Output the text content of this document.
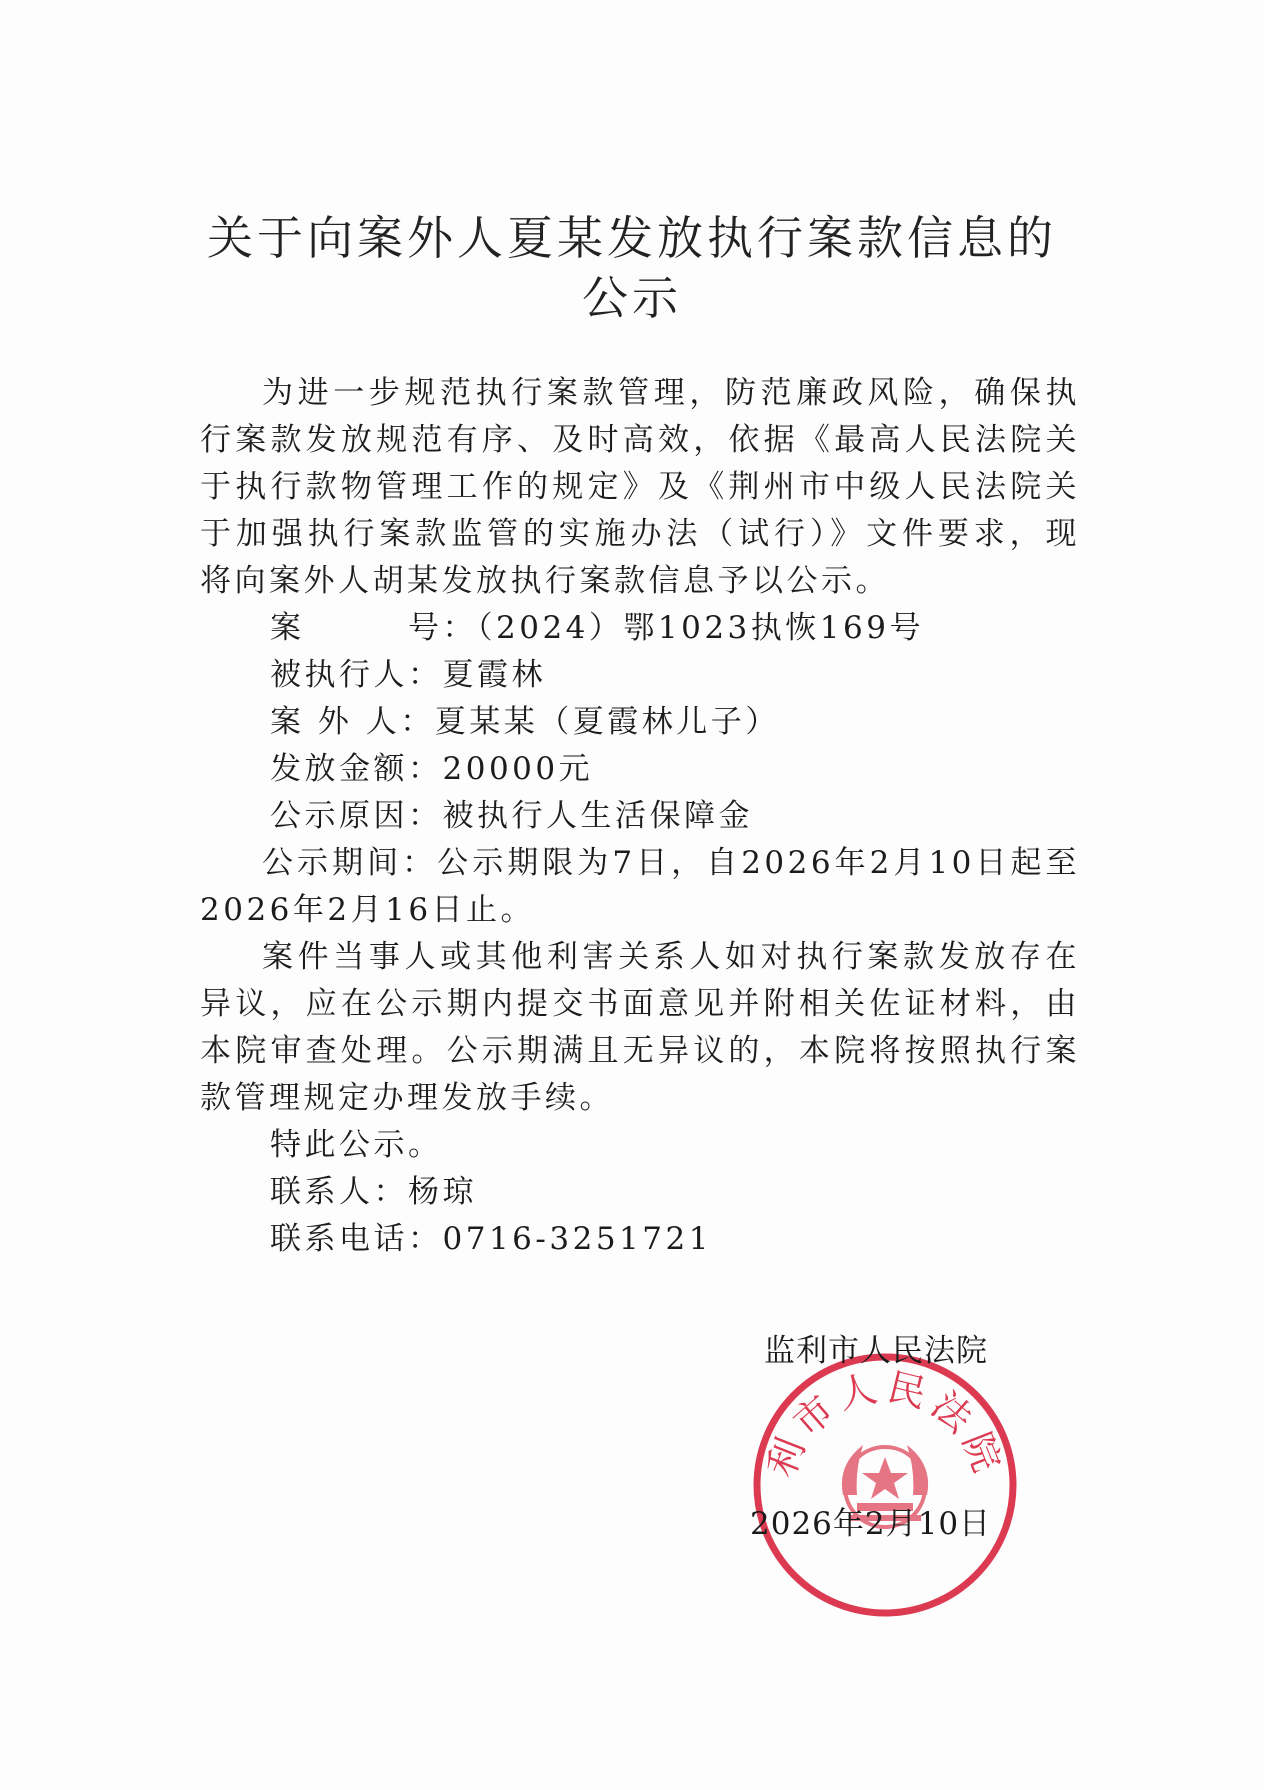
关于向案外人夏某发放执行案款信息的
公示

为进一步规范执行案款管理，防范廉政风险，确保执行案款发放规范有序、及时高效，依据《最高人民法院关于执行款物管理工作的规定》及《荆州市中级人民法院关于加强执行案款监管的实施办法（试行）》文件要求，现将向案外人胡某发放执行案款信息予以公示。

案　　　号：（2024）鄂1023执恢169号

被执行人：夏霞林

案 外 人：夏某某（夏霞林儿子）

发放金额：20000元

公示原因：被执行人生活保障金

公示期间：公示期限为7日，自2026年2月10日起至2026年2月16日止。

案件当事人或其他利害关系人如对执行案款发放存在异议，应在公示期内提交书面意见并附相关佐证材料，由本院审查处理。公示期满且无异议的，本院将按照执行案款管理规定办理发放手续。

特此公示。

联系人：杨琼

联系电话：0716-3251721

利市人民法院
监利市人民法院
2026年2月10日
